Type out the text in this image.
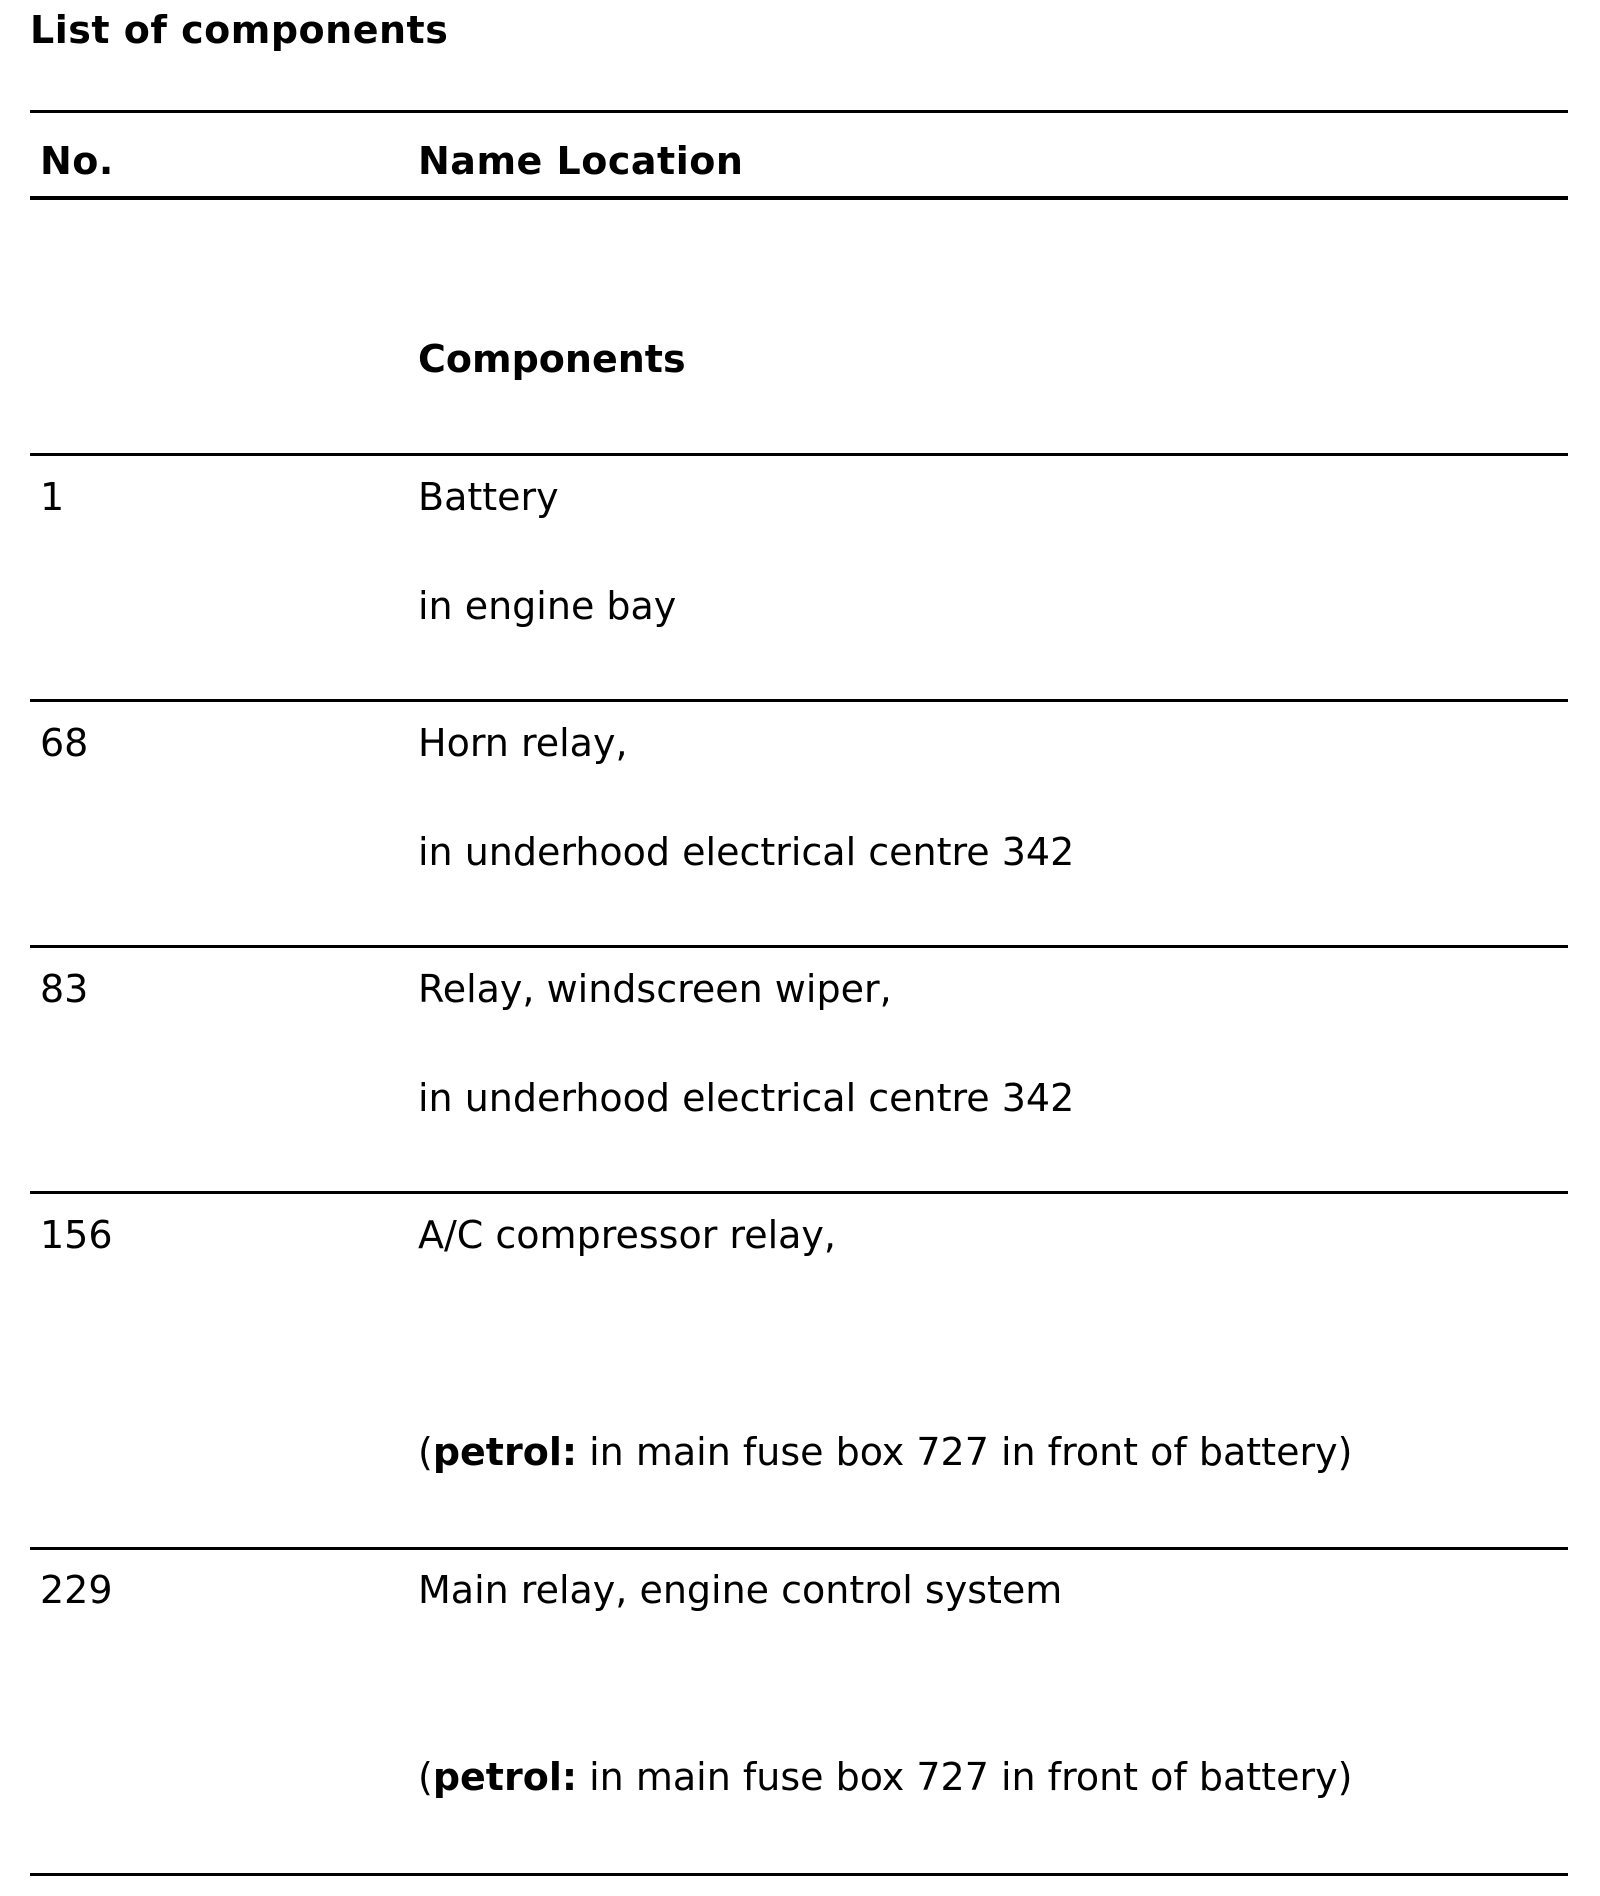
List of components
No.	Name Location
Components
1	Battery
in engine bay
68	Horn relay,
in underhood electrical centre 342
83	Relay, windscreen wiper,
in underhood electrical centre 342
156	A/C compressor relay,
(petrol: in main fuse box 727 in front of battery)
229	Main relay, engine control system
(petrol: in main fuse box 727 in front of battery)
